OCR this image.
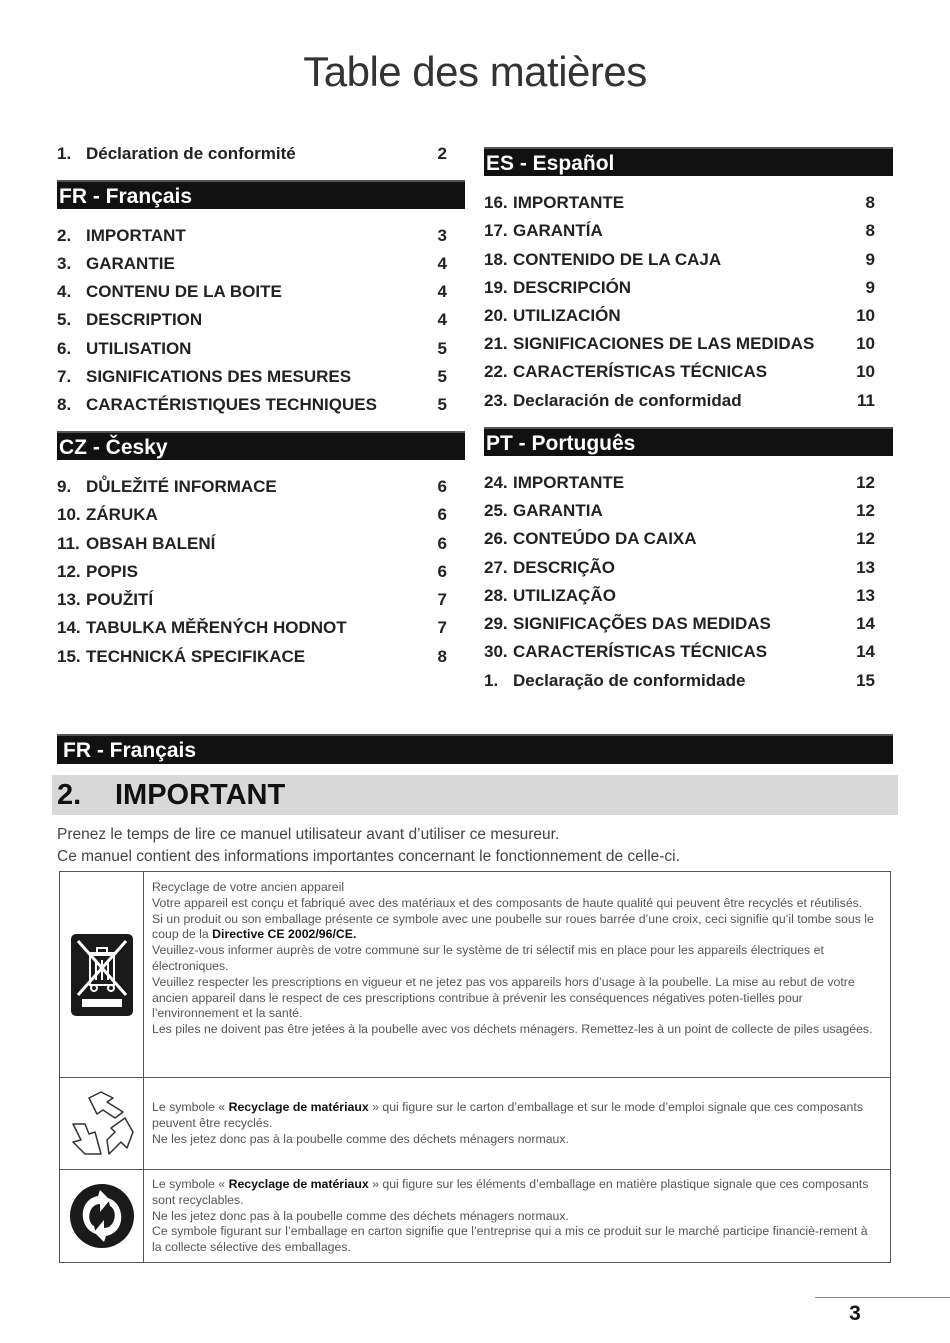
Table des matières
1. Déclaration de conformité	2
FR - Français
2. IMPORTANT	3
3. GARANTIE	4
4. CONTENU DE LA BOITE	4
5. DESCRIPTION	4
6. UTILISATION	5
7. SIGNIFICATIONS DES MESURES	5
8. CARACTÉRISTIQUES TECHNIQUES	5
CZ - Česky
9. DŮLEŽITÉ INFORMACE	6
10. ZÁRUKA	6
11. OBSAH BALENÍ	6
12. POPIS	6
13. POUŽITÍ	7
14. TABULKA MĚŘENÝCH HODNOT	7
15. TECHNICKÁ SPECIFIKACE	8
ES - Español
16. IMPORTANTE	8
17. GARANTÍA	8
18. CONTENIDO DE LA CAJA	9
19. DESCRIPCIÓN	9
20. UTILIZACIÓN	10
21. SIGNIFICACIONES DE LAS MEDIDAS	10
22. CARACTERÍSTICAS TÉCNICAS	10
23. Declaración de conformidad	11
PT - Português
24. IMPORTANTE	12
25. GARANTIA	12
26. CONTEÚDO DA CAIXA	12
27. DESCRIÇÃO	13
28. UTILIZAÇÃO	13
29. SIGNIFICAÇÕES DAS MEDIDAS	14
30. CARACTERÍSTICAS TÉCNICAS	14
1. Declaração de conformidade	15
FR - Français
2. IMPORTANT
Prenez le temps de lire ce manuel utilisateur avant d’utiliser ce mesureur.
Ce manuel contient des informations importantes concernant le fonctionnement de celle-ci.
Recyclage de votre ancien appareil
Votre appareil est conçu et fabriqué avec des matériaux et des composants de haute qualité qui peuvent être recyclés et réutilisés.
Si un produit ou son emballage présente ce symbole avec une poubelle sur roues barrée d’une croix, ceci signifie qu’il tombe sous le coup de la Directive CE 2002/96/CE.
Veuillez-vous informer auprès de votre commune sur le système de tri sélectif mis en place pour les appareils électriques et électroniques.
Veuillez respecter les prescriptions en vigueur et ne jetez pas vos appareils hors d’usage à la poubelle. La mise au rebut de votre ancien appareil dans le respect de ces prescriptions contribue à prévenir les conséquences négatives poten-tielles pour l’environnement et la santé.
Les piles ne doivent pas être jetées à la poubelle avec vos déchets ménagers. Remettez-les à un point de collecte de piles usagées.
Le symbole « Recyclage de matériaux » qui figure sur le carton d’emballage et sur le mode d’emploi signale que ces composants peuvent être recyclés.
Ne les jetez donc pas à la poubelle comme des déchets ménagers normaux.
Le symbole « Recyclage de matériaux » qui figure sur les éléments d’emballage en matière plastique signale que ces composants sont recyclables.
Ne les jetez donc pas à la poubelle comme des déchets ménagers normaux.
Ce symbole figurant sur l’emballage en carton signifie que l’entreprise qui a mis ce produit sur le marché participe financiè-rement à la collecte sélective des emballages.
3
